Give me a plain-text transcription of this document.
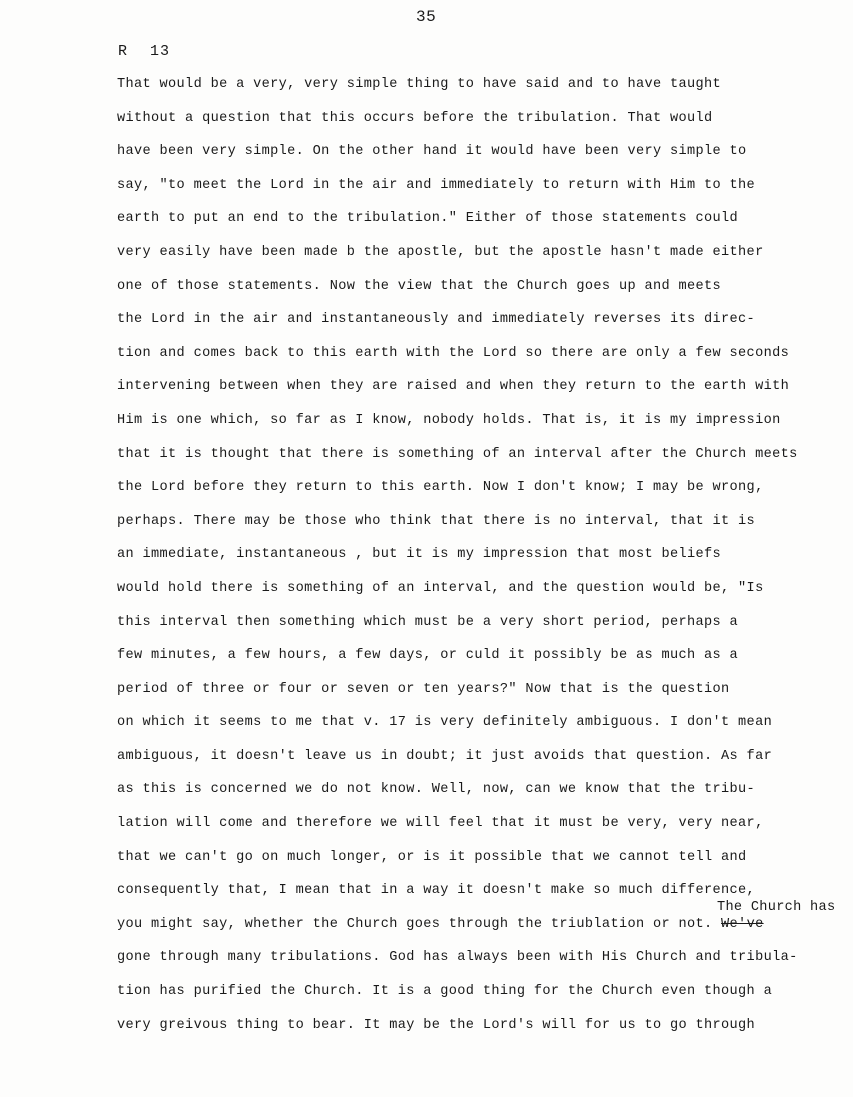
35
R 13
That would be a very, very simple thing to have said and to have taught
without a question that this occurs before the tribulation. That would
have been very simple. On the other hand it would have been very simple to
say, "to meet the Lord in the air and immediately to return with Him to the
earth to put an end to the tribulation." Either of those statements could
very easily have been made b the apostle, but the apostle hasn't made either
one of those statements. Now the view that the Church goes up and meets
the Lord in the air and instantaneously and immediately reverses its direc-
tion and comes back to this earth with the Lord so there are only a few seconds
intervening between when they are raised and when they return to the earth with
Him is one which, so far as I know, nobody holds. That is, it is my impression
that it is thought that there is something of an interval after the Church meets
the Lord before they return to this earth. Now I don't know; I may be wrong,
perhaps. There may be those who think that there is no interval, that it is
an immediate, instantaneous , but it is my impression that most beliefs
would hold there is something of an interval, and the question would be, "Is
this interval then something which must be a very short period, perhaps a
few minutes, a few hours, a few days, or culd it possibly be as much as a
period of three or four or seven or ten years?" Now that is the question
on which it seems to me that v. 17 is very definitely ambiguous. I don't mean
ambiguous, it doesn't leave us in doubt; it just avoids that question. As far
as this is concerned we do not know. Well, now, can we know that the tribu-
lation will come and therefore we will feel that it must be very, very near,
that we can't go on much longer, or is it possible that we cannot tell and
consequently that, I mean that in a way it doesn't make so much difference,
you might say, whether the Church goes through the triublation or not. We've
gone through many tribulations. God has always been with His Church and tribula-
tion has purified the Church. It is a good thing for the Church even though a
very greivous thing to bear. It may be the Lord's will for us to go through
The Church has
